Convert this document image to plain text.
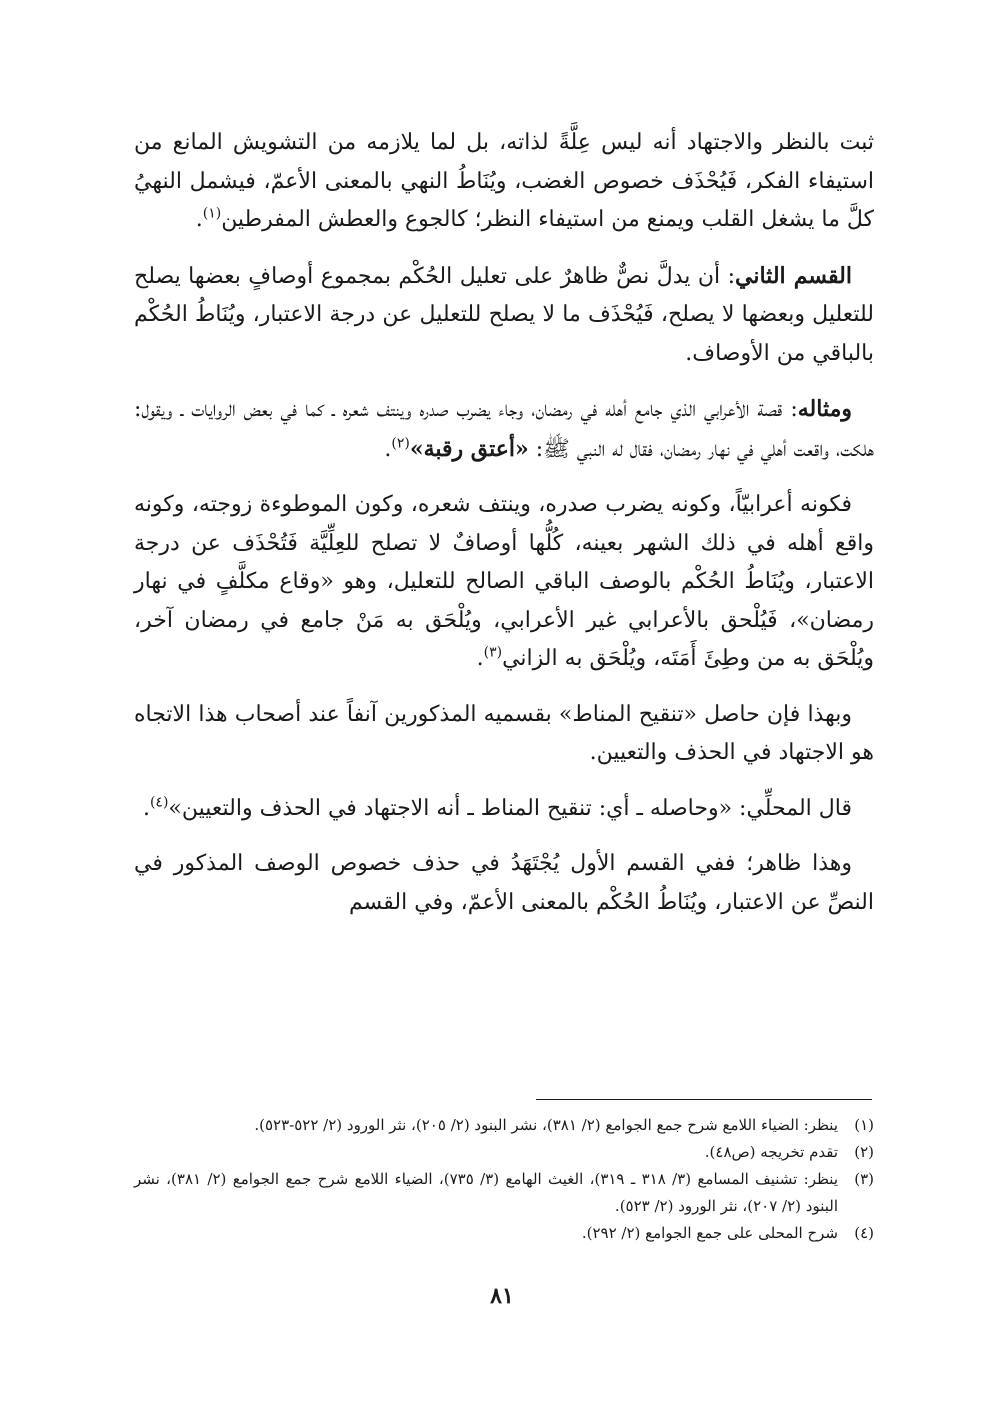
ثبت بالنظر والاجتهاد أنه ليس عِلَّةً لذاته، بل لما يلازمه من التشويش المانع من استيفاء الفكر، فَيُحْذَف خصوص الغضب، ويُنَاطُ النهي بالمعنى الأعمّ، فيشمل النهيُ كلَّ ما يشغل القلب ويمنع من استيفاء النظر؛ كالجوع والعطش المفرطين$^{(١)}$.

القسم الثاني: أن يدلَّ نصٌّ ظاهرٌ على تعليل الحُكْم بمجموع أوصافٍ بعضها يصلح للتعليل وبعضها لا يصلح، فَيُحْذَف ما لا يصلح للتعليل عن درجة الاعتبار، ويُنَاطُ الحُكْم بالباقي من الأوصاف.

ومثاله: قصة الأعرابي الذي جامع أهله في رمضان، وجاء يضرب صدره وينتف شعره ـ كما في بعض الروايات ـ ويقول: هلكت، واقعت أهلي في نهار رمضان، فقال له النبي ﷺ: «أعتق رقبة»$^{(٢)}$.

فكونه أعرابيّاً، وكونه يضرب صدره، وينتف شعره، وكون الموطوءة زوجته، وكونه واقع أهله في ذلك الشهر بعينه، كُلُّها أوصافٌ لا تصلح للعِلِّيَّة فَتُحْذَف عن درجة الاعتبار، ويُنَاطُ الحُكْم بالوصف الباقي الصالح للتعليل، وهو «وقاع مكلَّفٍ في نهار رمضان»، فَيُلْحق بالأعرابي غير الأعرابي، ويُلْحَق به مَنْ جامع في رمضان آخر، ويُلْحَق به من وطِئَ أَمَتَه، ويُلْحَق به الزاني$^{(٣)}$.

وبهذا فإن حاصل «تنقيح المناط» بقسميه المذكورين آنفاً عند أصحاب هذا الاتجاه هو الاجتهاد في الحذف والتعيين.

قال المحلِّي: «وحاصله ـ أي: تنقيح المناط ـ أنه الاجتهاد في الحذف والتعيين»$^{(٤)}$.

وهذا ظاهر؛ ففي القسم الأول يُجْتَهَدُ في حذف خصوص الوصف المذكور في النصِّ عن الاعتبار، ويُنَاطُ الحُكْم بالمعنى الأعمّ، وفي القسم

(١)
ينظر: الضياء اللامع شرح جمع الجوامع (٢/ ٣٨١)، نشر البنود (٢/ ٢٠٥)، نثر الورود (٢/ ٥٢٢-٥٢٣).
(٢)
تقدم تخريجه (ص٤٨).
(٣)
ينظر: تشنيف المسامع (٣/ ٣١٨ ـ ٣١٩)، الغيث الهامع (٣/ ٧٣٥)، الضياء اللامع شرح جمع الجوامع (٢/ ٣٨١)، نشر البنود (٢/ ٢٠٧)، نثر الورود (٢/ ٥٢٣).
(٤)
شرح المحلى على جمع الجوامع (٢/ ٢٩٢).
٨١
